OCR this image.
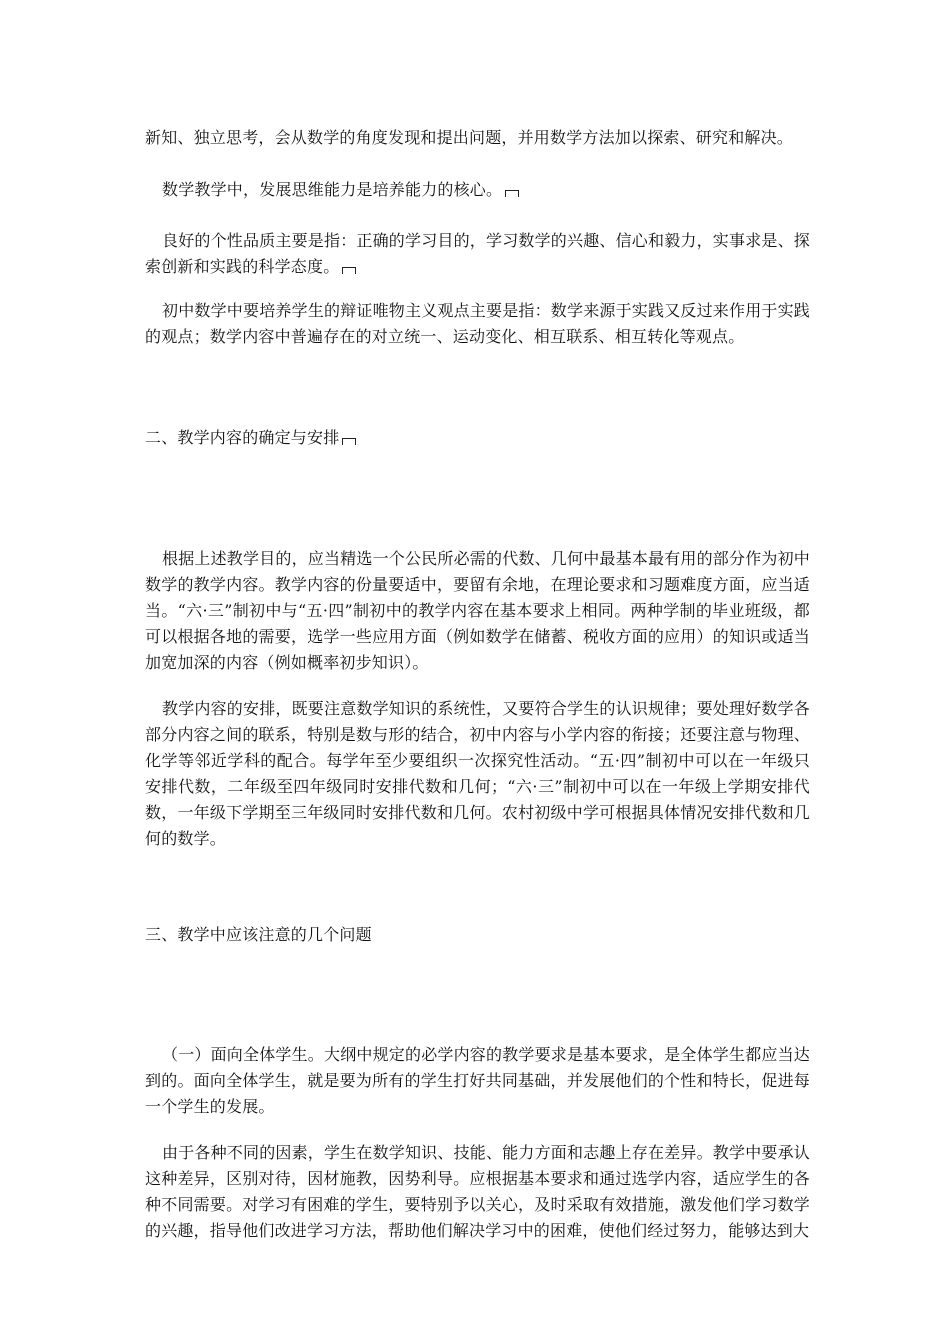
新知、独立思考，会从数学的角度发现和提出问题，并用数学方法加以探索、研究和解决。

数学教学中，发展思维能力是培养能力的核心。

良好的个性品质主要是指：正确的学习目的，学习数学的兴趣、信心和毅力，实事求是、探索创新和实践的科学态度。

初中数学中要培养学生的辩证唯物主义观点主要是指：数学来源于实践又反过来作用于实践的观点；数学内容中普遍存在的对立统一、运动变化、相互联系、相互转化等观点。

二、教学内容的确定与安排

根据上述教学目的，应当精选一个公民所必需的代数、几何中最基本最有用的部分作为初中数学的教学内容。教学内容的份量要适中，要留有余地，在理论要求和习题难度方面，应当适当。“六·三”制初中与“五·四”制初中的教学内容在基本要求上相同。两种学制的毕业班级，都可以根据各地的需要，选学一些应用方面（例如数学在储蓄、税收方面的应用）的知识或适当加宽加深的内容（例如概率初步知识）。

教学内容的安排，既要注意数学知识的系统性，又要符合学生的认识规律；要处理好数学各部分内容之间的联系，特别是数与形的结合，初中内容与小学内容的衔接；还要注意与物理、化学等邻近学科的配合。每学年至少要组织一次探究性活动。“五·四”制初中可以在一年级只安排代数，二年级至四年级同时安排代数和几何；“六·三”制初中可以在一年级上学期安排代数，一年级下学期至三年级同时安排代数和几何。农村初级中学可根据具体情况安排代数和几何的数学。

三、教学中应该注意的几个问题

（一）面向全体学生。大纲中规定的必学内容的教学要求是基本要求，是全体学生都应当达到的。面向全体学生，就是要为所有的学生打好共同基础，并发展他们的个性和特长，促进每一个学生的发展。

由于各种不同的因素，学生在数学知识、技能、能力方面和志趣上存在差异。教学中要承认这种差异，区别对待，因材施教，因势利导。应根据基本要求和通过选学内容，适应学生的各种不同需要。对学习有困难的学生，要特别予以关心，及时采取有效措施，激发他们学习数学的兴趣，指导他们改进学习方法，帮助他们解决学习中的困难，使他们经过努力，能够达到大
